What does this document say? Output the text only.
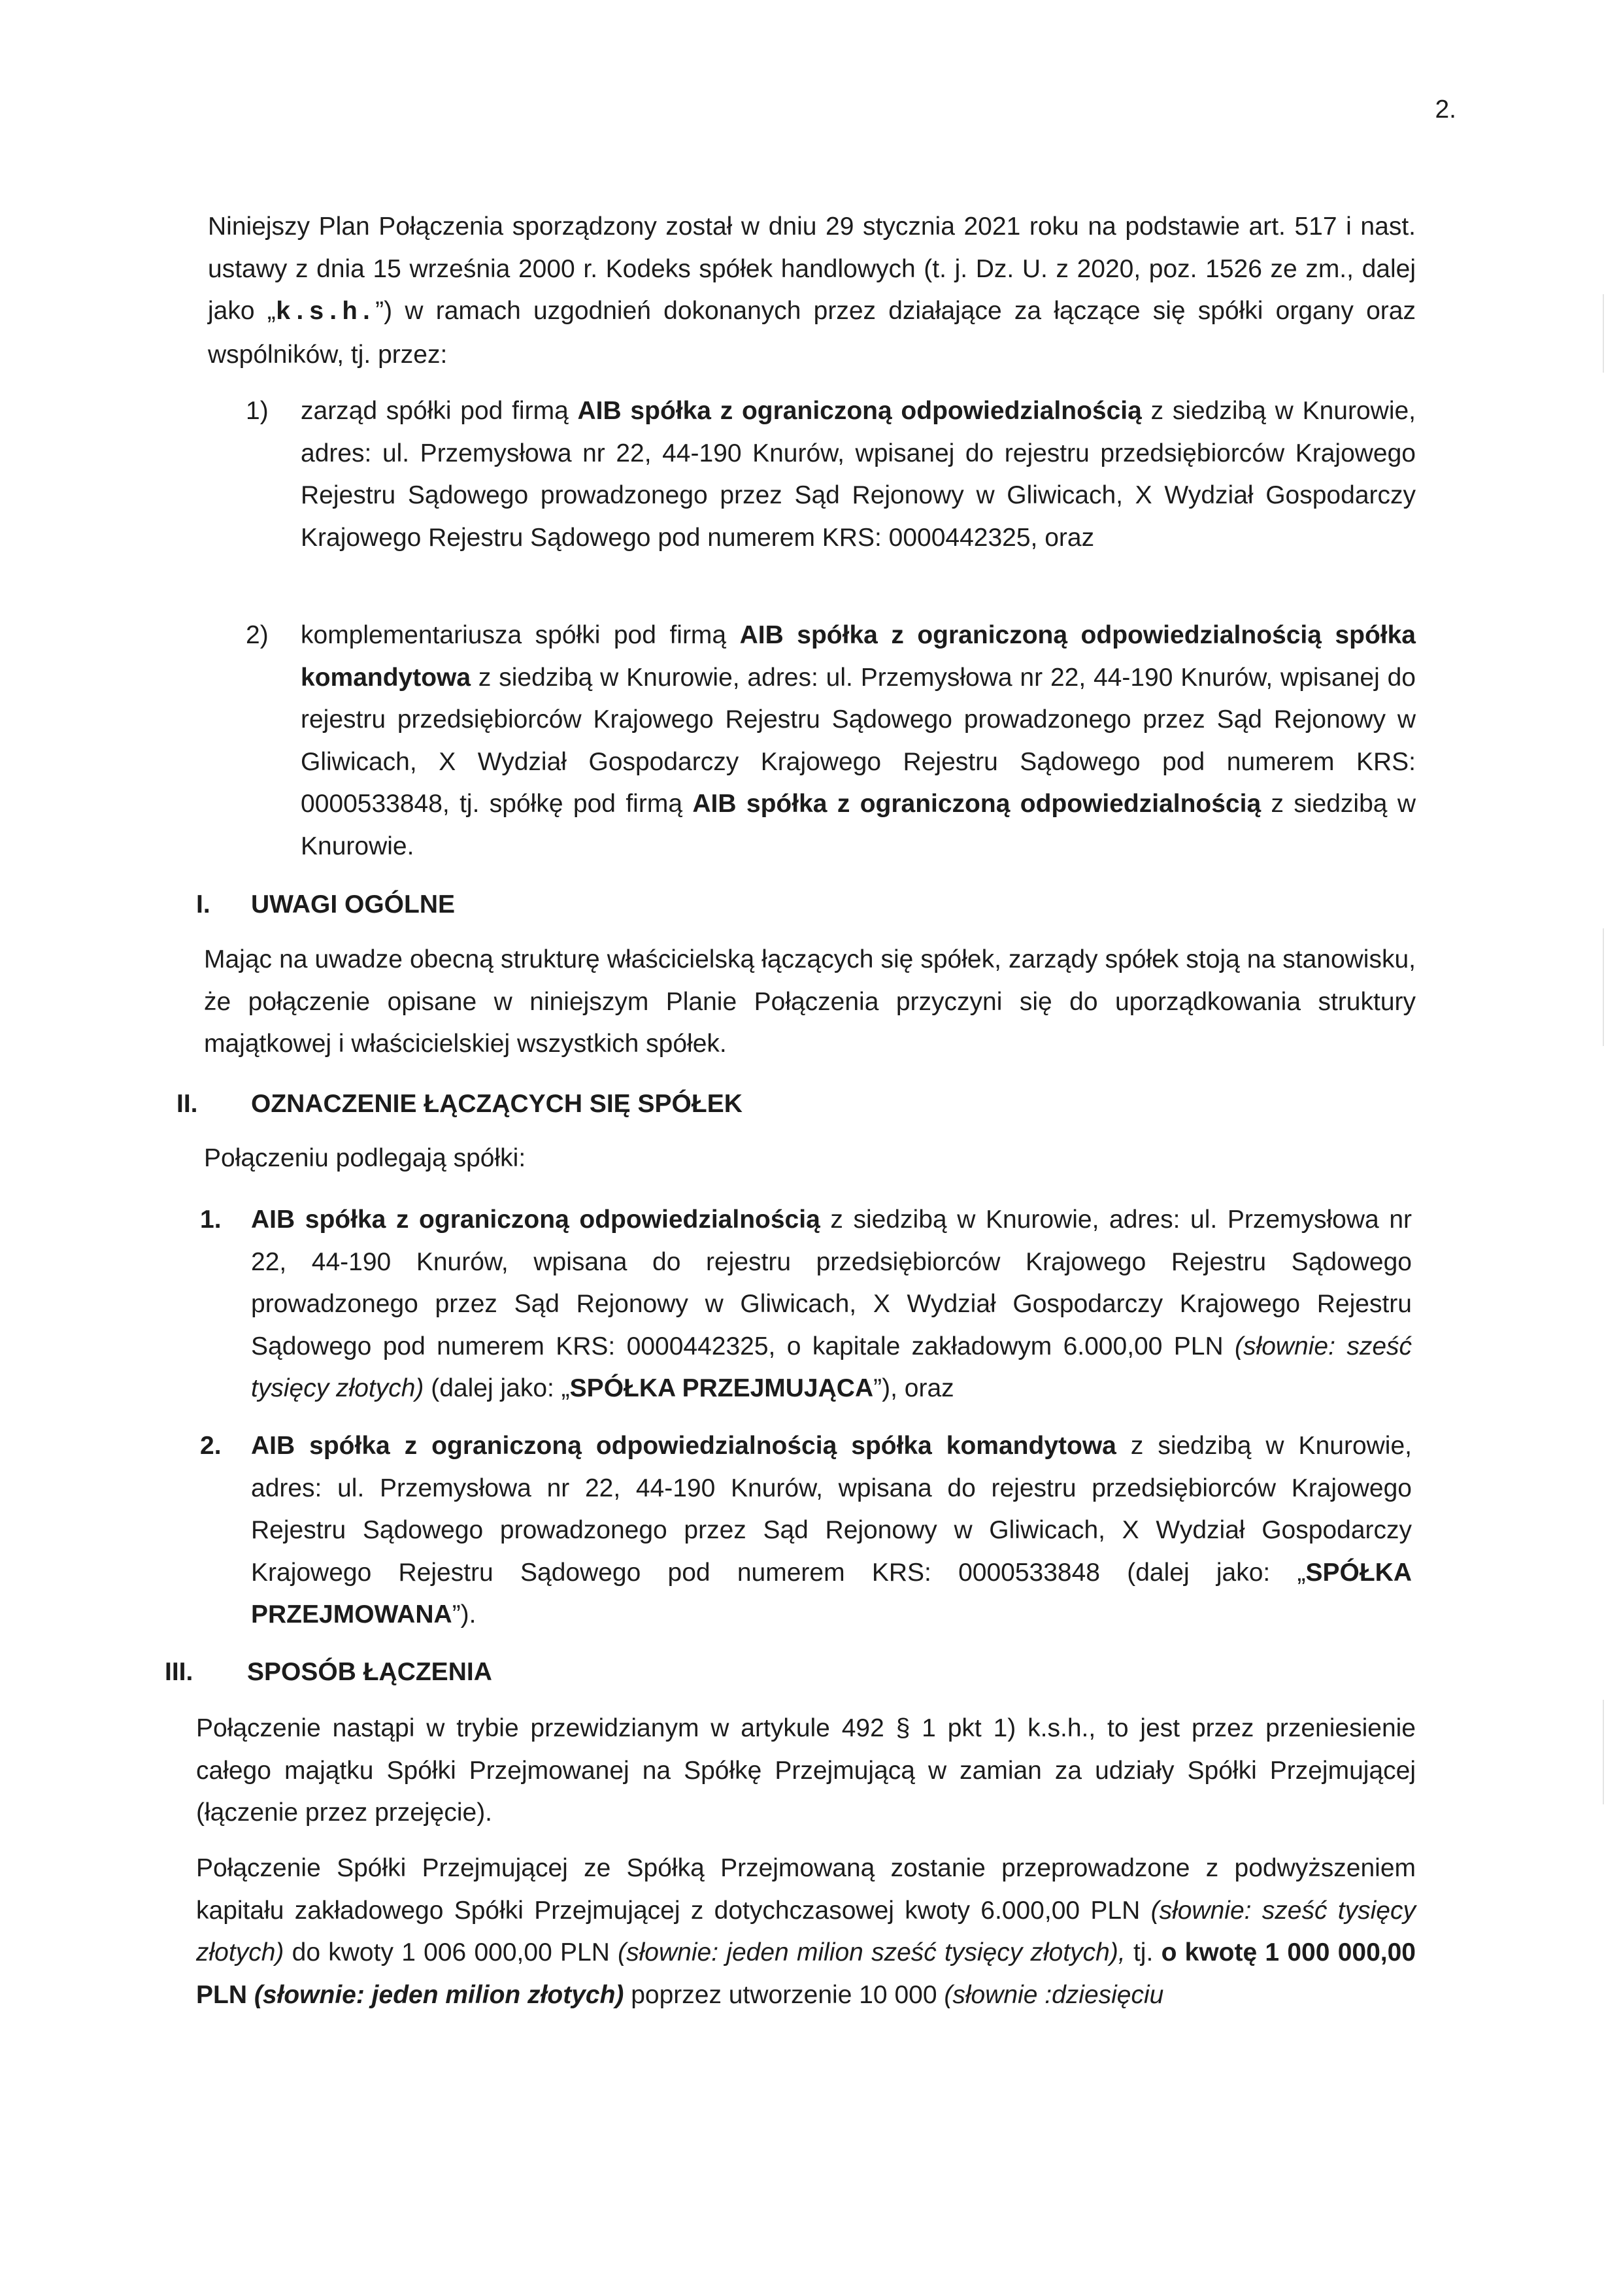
2.
Niniejszy Plan Połączenia sporządzony został w dniu 29 stycznia 2021 roku na podstawie art. 517 i nast. ustawy z dnia 15 września 2000 r. Kodeks spółek handlowych (t. j. Dz. U. z 2020, poz. 1526 ze zm., dalej jako „k.s.h.”) w ramach uzgodnień dokonanych przez działające za łączące się spółki organy oraz wspólników, tj. przez:
1) zarząd spółki pod firmą AIB spółka z ograniczoną odpowiedzialnością z siedzibą w Knurowie, adres: ul. Przemysłowa nr 22, 44-190 Knurów, wpisanej do rejestru przedsiębiorców Krajowego Rejestru Sądowego prowadzonego przez Sąd Rejonowy w Gliwicach, X Wydział Gospodarczy Krajowego Rejestru Sądowego pod numerem KRS: 0000442325, oraz
2) komplementariusza spółki pod firmą AIB spółka z ograniczoną odpowiedzialnością spółka komandytowa z siedzibą w Knurowie, adres: ul. Przemysłowa nr 22, 44-190 Knurów, wpisanej do rejestru przedsiębiorców Krajowego Rejestru Sądowego prowadzonego przez Sąd Rejonowy w Gliwicach, X Wydział Gospodarczy Krajowego Rejestru Sądowego pod numerem KRS: 0000533848, tj. spółkę pod firmą AIB spółka z ograniczoną odpowiedzialnością z siedzibą w Knurowie.
I. UWAGI OGÓLNE
Mając na uwadze obecną strukturę właścicielską łączących się spółek, zarządy spółek stoją na stanowisku, że połączenie opisane w niniejszym Planie Połączenia przyczyni się do uporządkowania struktury majątkowej i właścicielskiej wszystkich spółek.
II. OZNACZENIE ŁĄCZĄCYCH SIĘ SPÓŁEK
Połączeniu podlegają spółki:
1. AIB spółka z ograniczoną odpowiedzialnością z siedzibą w Knurowie, adres: ul. Przemysłowa nr 22, 44-190 Knurów, wpisana do rejestru przedsiębiorców Krajowego Rejestru Sądowego prowadzonego przez Sąd Rejonowy w Gliwicach, X Wydział Gospodarczy Krajowego Rejestru Sądowego pod numerem KRS: 0000442325, o kapitale zakładowym 6.000,00 PLN (słownie: sześć tysięcy złotych) (dalej jako: „SPÓŁKA PRZEJMUJĄCA”), oraz
2. AIB spółka z ograniczoną odpowiedzialnością spółka komandytowa z siedzibą w Knurowie, adres: ul. Przemysłowa nr 22, 44-190 Knurów, wpisana do rejestru przedsiębiorców Krajowego Rejestru Sądowego prowadzonego przez Sąd Rejonowy w Gliwicach, X Wydział Gospodarczy Krajowego Rejestru Sądowego pod numerem KRS: 0000533848 (dalej jako: „SPÓŁKA PRZEJMOWANA”).
III. SPOSÓB ŁĄCZENIA
Połączenie nastąpi w trybie przewidzianym w artykule 492 § 1 pkt 1) k.s.h., to jest przez przeniesienie całego majątku Spółki Przejmowanej na Spółkę Przejmującą w zamian za udziały Spółki Przejmującej (łączenie przez przejęcie).
Połączenie Spółki Przejmującej ze Spółką Przejmowaną zostanie przeprowadzone z podwyższeniem kapitału zakładowego Spółki Przejmującej z dotychczasowej kwoty 6.000,00 PLN (słownie: sześć tysięcy złotych) do kwoty 1 006 000,00 PLN (słownie: jeden milion sześć tysięcy złotych), tj. o kwotę 1 000 000,00 PLN (słownie: jeden milion złotych) poprzez utworzenie 10 000 (słownie :dziesięciu
